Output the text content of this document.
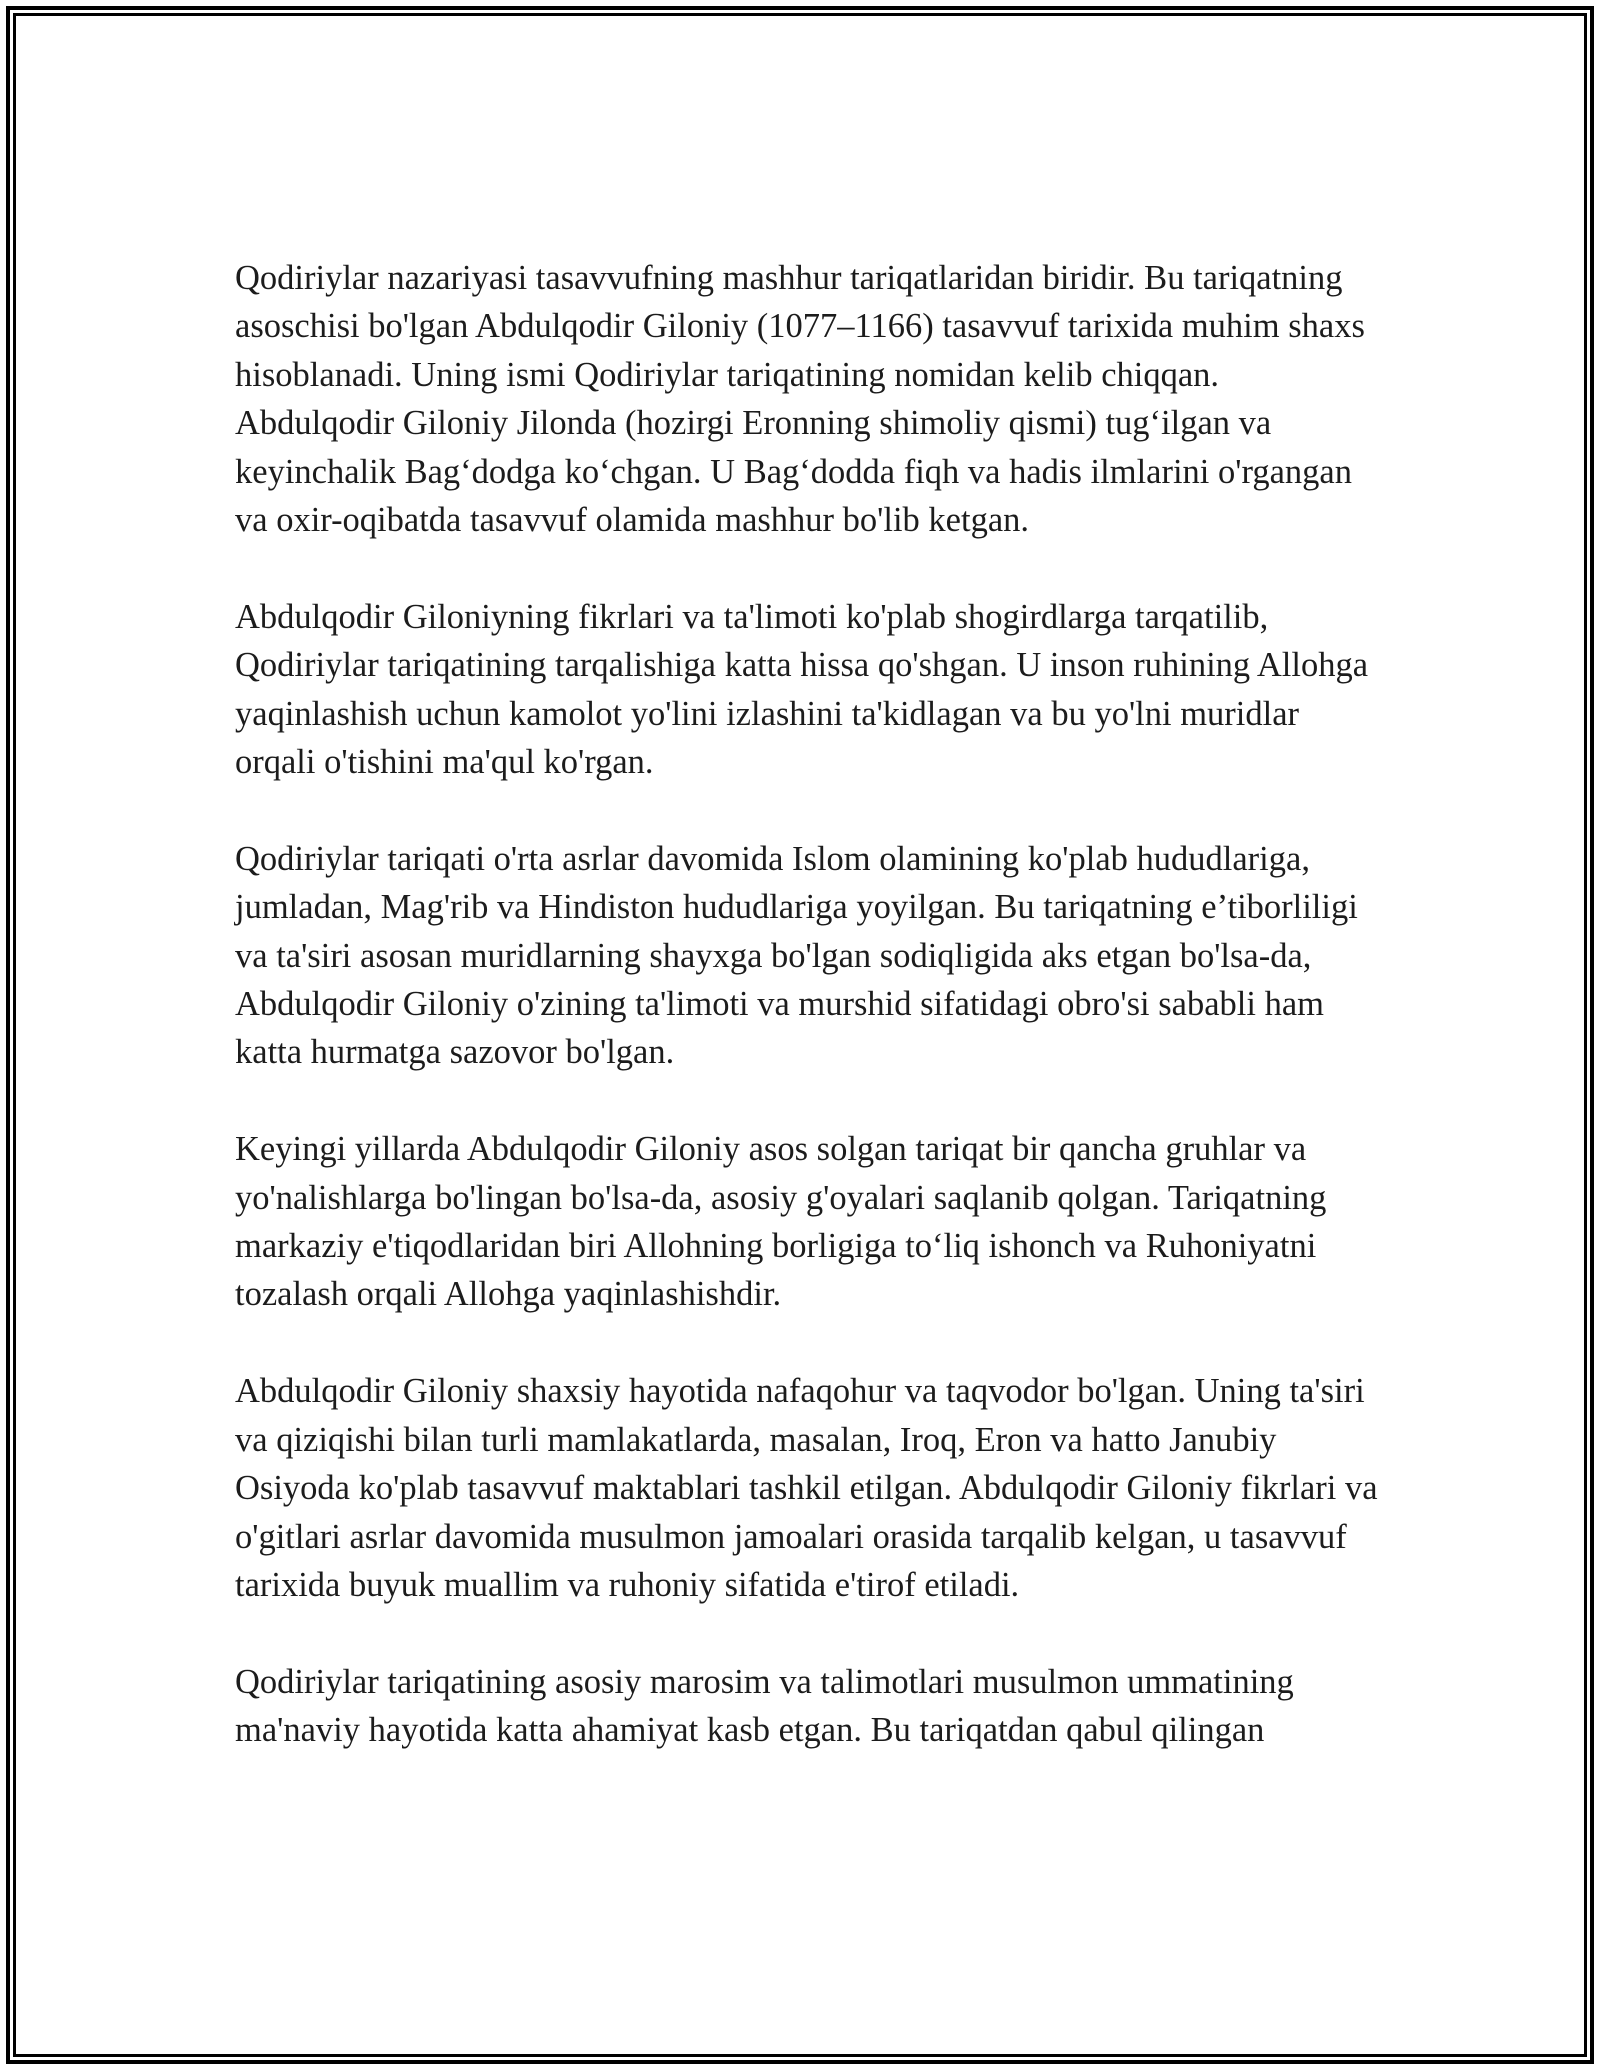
Qodiriylar nazariyasi tasavvufning mashhur tariqatlaridan biridir. Bu tariqatning asoschisi bo'lgan Abdulqodir Giloniy (1077–1166) tasavvuf tarixida muhim shaxs hisoblanadi. Uning ismi Qodiriylar tariqatining nomidan kelib chiqqan. Abdulqodir Giloniy Jilonda (hozirgi Eronning shimoliy qismi) tug‘ilgan va keyinchalik Bag‘dodga ko‘chgan. U Bag‘dodda fiqh va hadis ilmlarini o'rgangan va oxir-oqibatda tasavvuf olamida mashhur bo'lib ketgan.

Abdulqodir Giloniyning fikrlari va ta'limoti ko'plab shogirdlarga tarqatilib, Qodiriylar tariqatining tarqalishiga katta hissa qo'shgan. U inson ruhining Allohga yaqinlashish uchun kamolot yo'lini izlashini ta'kidlagan va bu yo'lni muridlar orqali o'tishini ma'qul ko'rgan.

Qodiriylar tariqati o'rta asrlar davomida Islom olamining ko'plab hududlariga, jumladan, Mag'rib va Hindiston hududlariga yoyilgan. Bu tariqatning e’tiborliligi va ta'siri asosan muridlarning shayxga bo'lgan sodiqligida aks etgan bo'lsa-da, Abdulqodir Giloniy o'zining ta'limoti va murshid sifatidagi obro'si sababli ham katta hurmatga sazovor bo'lgan.

Keyingi yillarda Abdulqodir Giloniy asos solgan tariqat bir qancha gruhlar va yo'nalishlarga bo'lingan bo'lsa-da, asosiy g'oyalari saqlanib qolgan. Tariqatning markaziy e'tiqodlaridan biri Allohning borligiga to‘liq ishonch va Ruhoniyatni tozalash orqali Allohga yaqinlashishdir.

Abdulqodir Giloniy shaxsiy hayotida nafaqohur va taqvodor bo'lgan. Uning ta'siri va qiziqishi bilan turli mamlakatlarda, masalan, Iroq, Eron va hatto Janubiy Osiyoda ko'plab tasavvuf maktablari tashkil etilgan. Abdulqodir Giloniy fikrlari va o'gitlari asrlar davomida musulmon jamoalari orasida tarqalib kelgan, u tasavvuf tarixida buyuk muallim va ruhoniy sifatida e'tirof etiladi.

Qodiriylar tariqatining asosiy marosim va talimotlari musulmon ummatining ma'naviy hayotida katta ahamiyat kasb etgan. Bu tariqatdan qabul qilingan
